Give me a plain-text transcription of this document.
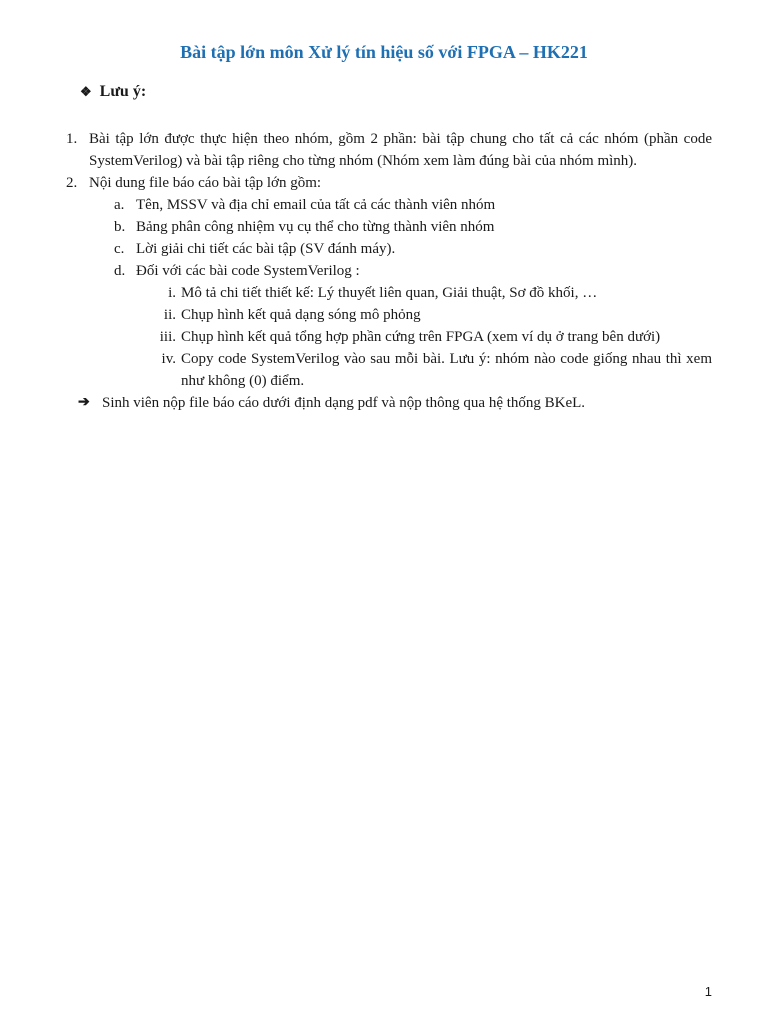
Bài tập lớn môn Xử lý tín hiệu số với FPGA – HK221
❖ Lưu ý:
1. Bài tập lớn được thực hiện theo nhóm, gồm 2 phần: bài tập chung cho tất cả các nhóm (phần code SystemVerilog) và bài tập riêng cho từng nhóm (Nhóm xem làm đúng bài của nhóm mình).
2. Nội dung file báo cáo bài tập lớn gồm:
a. Tên, MSSV và địa chỉ email của tất cả các thành viên nhóm
b. Bảng phân công nhiệm vụ cụ thể cho từng thành viên nhóm
c. Lời giải chi tiết các bài tập (SV đánh máy).
d. Đối với các bài code SystemVerilog :
i. Mô tả chi tiết thiết kế: Lý thuyết liên quan, Giải thuật, Sơ đồ khối, …
ii. Chụp hình kết quả dạng sóng mô phỏng
iii. Chụp hình kết quả tổng hợp phần cứng trên FPGA (xem ví dụ ở trang bên dưới)
iv. Copy code SystemVerilog vào sau mỗi bài. Lưu ý: nhóm nào code giống nhau thì xem như không (0) điểm.
➔ Sinh viên nộp file báo cáo dưới định dạng pdf và nộp thông qua hệ thống BKeL.
1
